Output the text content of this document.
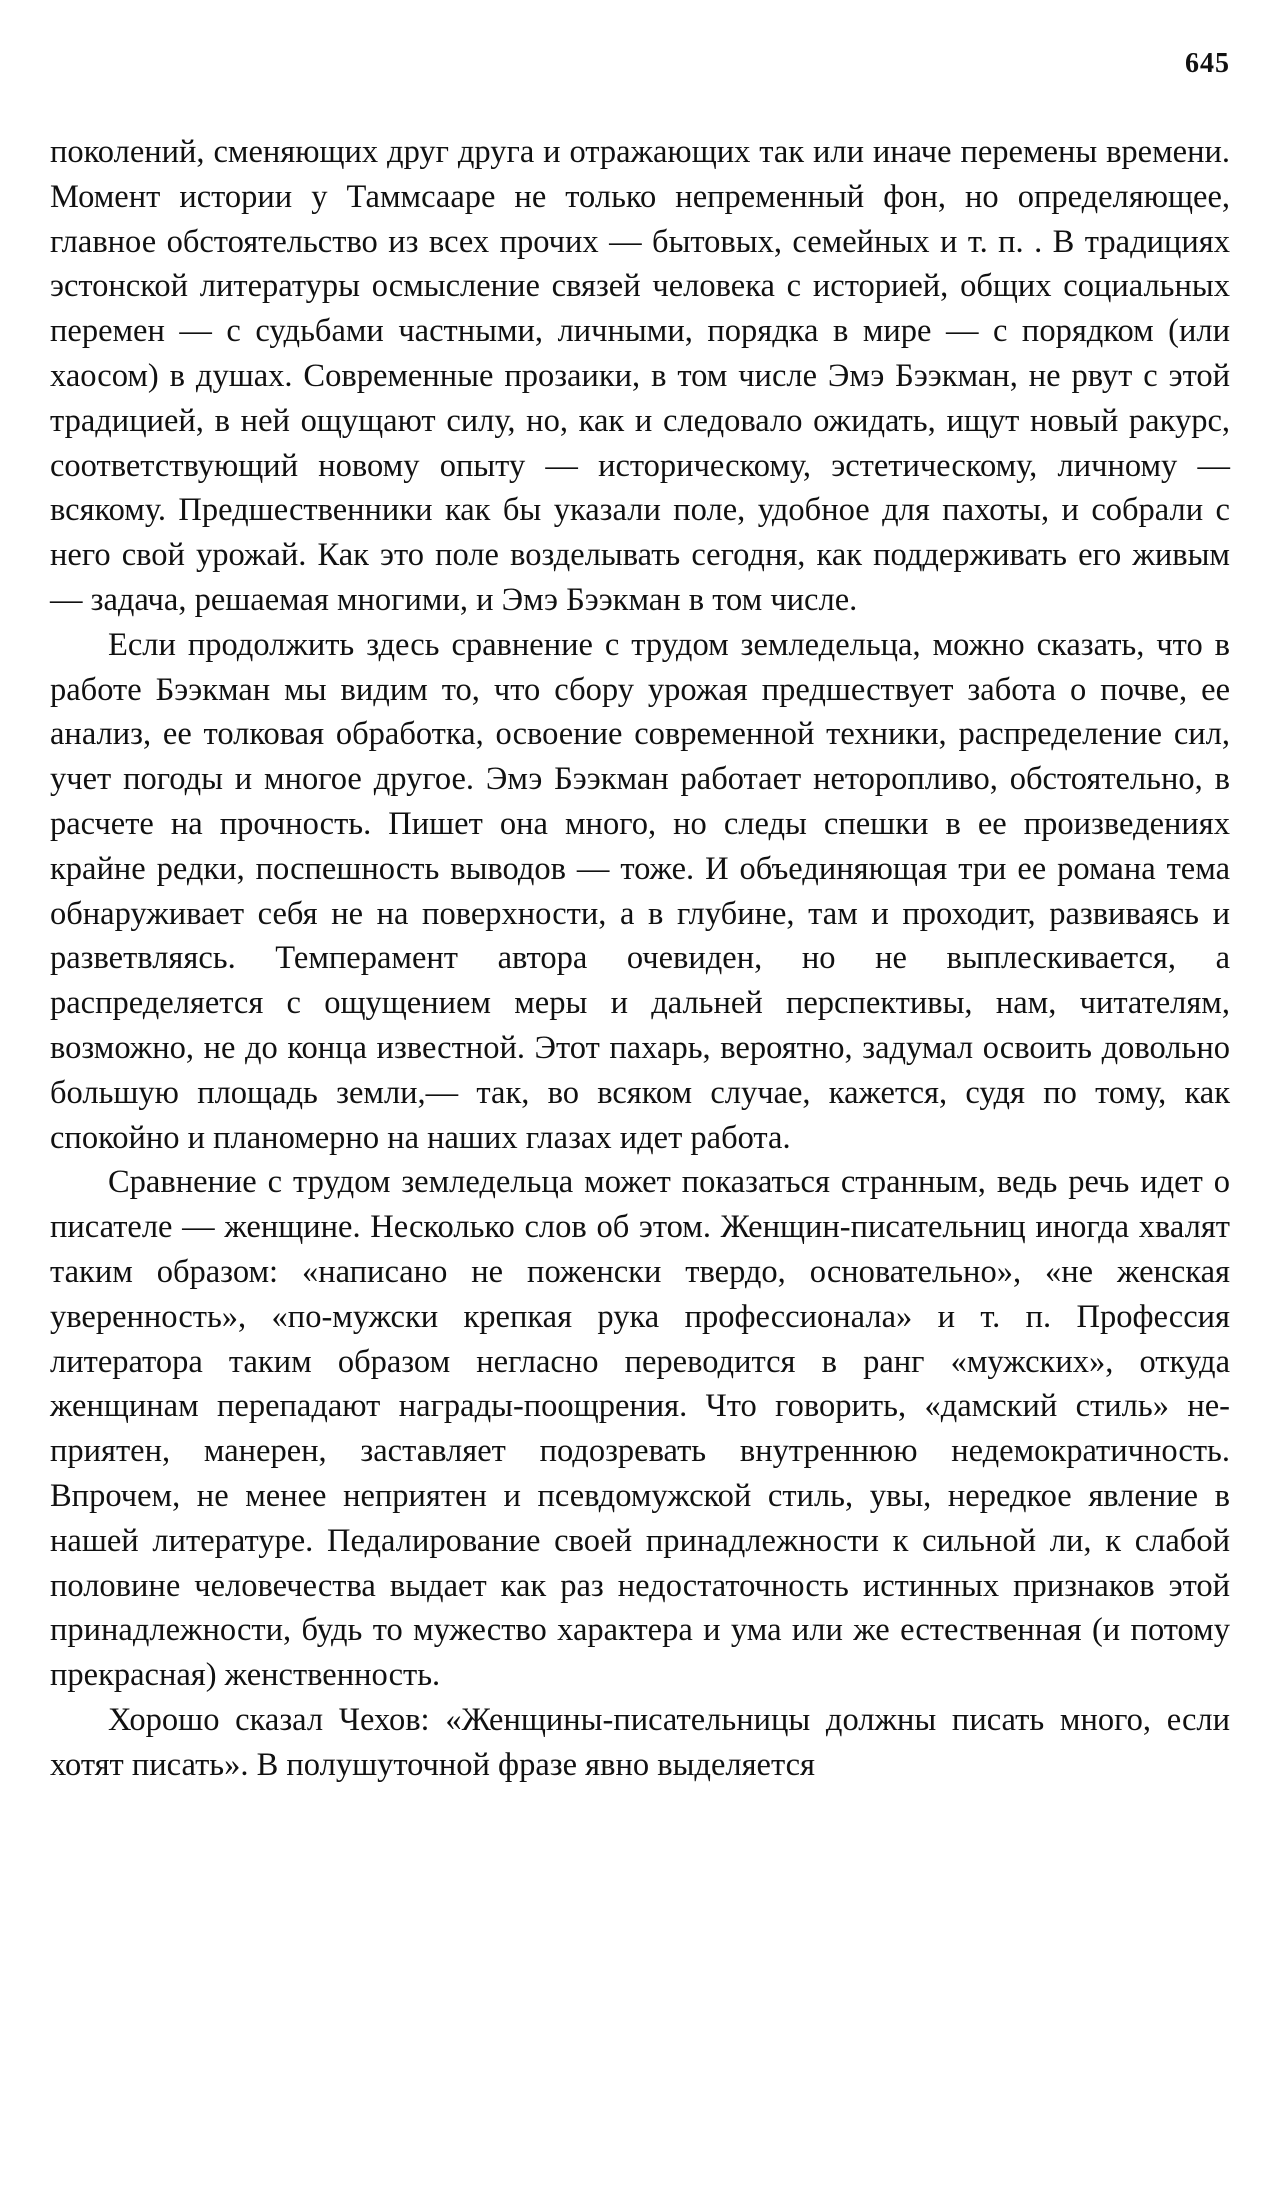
645

поколений, сменяющих друг друга и отражающих так или иначе перемены времени. Момент истории у Таммсааре не только непременный фон, но определяющее, главное обстоятельство из всех прочих — бытовых, семейных и т. п. . В традициях эстонской литературы осмысление связей человека с историей, общих социальных перемен — с судьбами частными, личными, порядка в мире — с порядком (или хаосом) в душах. Современные прозаики, в том числе Эмэ Бээкман, не рвут с этой традицией, в ней ощущают силу, но, как и следовало ожидать, ищут новый ракурс, соответствующий новому опыту — историческому, эстетическому, личному — всякому. Предшественники как бы указали поле, удобное для пахоты, и собрали с него свой урожай. Как это поле возделывать сегодня, как поддерживать его живым — задача, решаемая многими, и Эмэ Бээкман в том числе.

Если продолжить здесь сравнение с трудом земледельца, можно сказать, что в работе Бээкман мы видим то, что сбору урожая предшествует забота о почве, ее анализ, ее толковая обработка, освоение современной техники, распределение сил, учет погоды и многое другое. Эмэ Бээкман работает неторопливо, обстоятельно, в расчете на прочность. Пишет она много, но следы спешки в ее произведениях крайне редки, поспешность выводов — тоже. И объединяющая три ее романа тема обнаруживает себя не на поверхности, а в глубине, там и проходит, развиваясь и разветвляясь. Темперамент автора очевиден, но не выплескивается, а распределяется с ощущением меры и дальней перспективы, нам, читателям, возможно, не до конца известной. Этот пахарь, вероятно, задумал освоить довольно большую площадь земли,— так, во всяком случае, кажется, судя по тому, как спокойно и планомерно на наших глазах идет работа.

Сравнение с трудом земледельца может показаться странным, ведь речь идет о писателе — женщине. Несколько слов об этом. Женщин-писательниц иногда хвалят таким образом: «написано не поженски твердо, основательно», «не женская уверенность», «по-мужски крепкая рука профессионала» и т. п. Профессия литератора таким образом негласно переводится в ранг «мужских», откуда женщинам перепадают награды-поощрения. Что говорить, «дамский стиль» неприятен, манерен, заставляет подозревать внутреннюю недемократичность. Впрочем, не менее неприятен и псевдомужской стиль, увы, нередкое явление в нашей литературе. Педалирование своей принадлежности к сильной ли, к слабой половине человечества выдает как раз недостаточность истинных признаков этой принадлежности, будь то мужество характера и ума или же естественная (и потому прекрасная) женственность.

Хорошо сказал Чехов: «Женщины-писательницы должны писать много, если хотят писать». В полушуточной фразе явно выделяется
